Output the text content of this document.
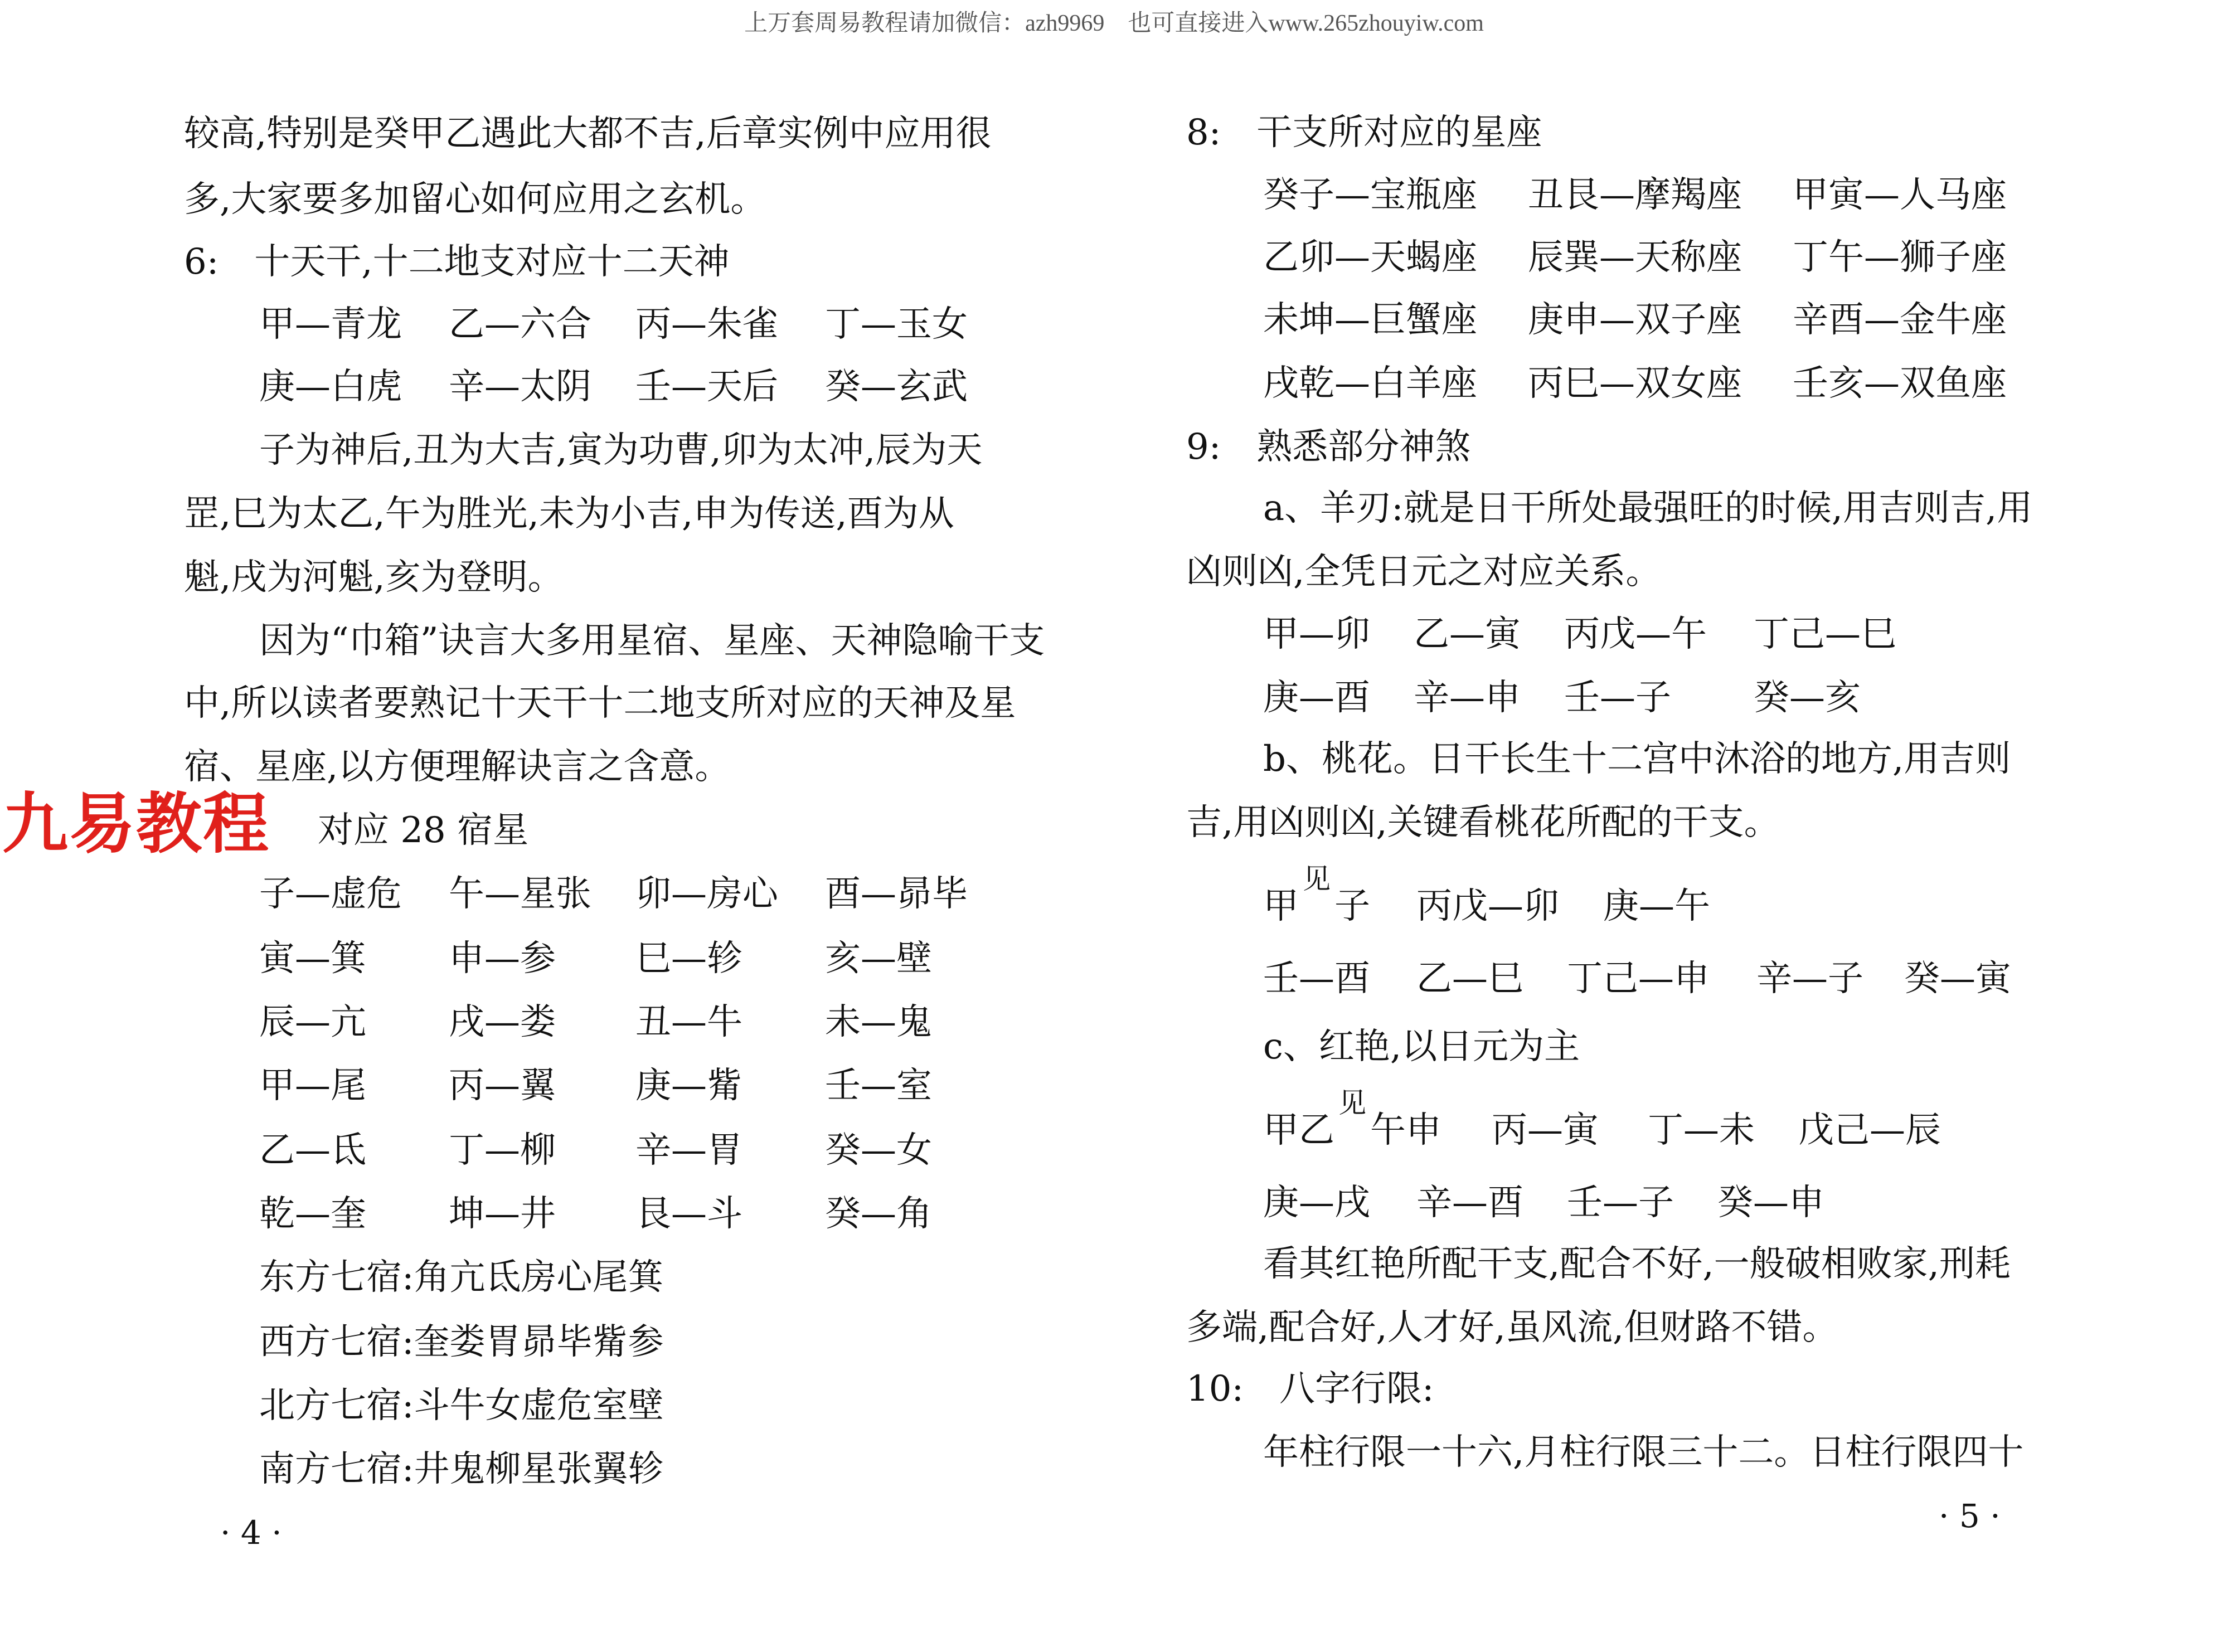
上万套周易教程请加微信：azh9969　也可直接进入www.265zhouyiw.com
九易教程
较高,特别是癸甲乙遇此大都不吉,后章实例中应用很
多,大家要多加留心如何应用之玄机。
6:　十天干,十二地支对应十二天神
甲—青龙 乙—六合 丙—朱雀 丁—玉女
庚—白虎 辛—太阴 壬—天后 癸—玄武
子为神后,丑为大吉,寅为功曹,卯为太冲,辰为天
罡,巳为太乙,午为胜光,未为小吉,申为传送,酉为从
魁,戌为河魁,亥为登明。
因为“巾箱”诀言大多用星宿、星座、天神隐喻干支
中,所以读者要熟记十天干十二地支所对应的天神及星
宿、星座,以方便理解诀言之含意。
对应 28 宿星
子—虚危 午—星张 卯—房心 酉—昴毕
寅—箕 申—参 巳—轸 亥—壁
辰—亢 戌—娄 丑—牛 未—鬼
甲—尾 丙—翼 庚—觜 壬—室
乙—氐 丁—柳 辛—胃 癸—女
乾—奎 坤—井 艮—斗 癸—角
东方七宿:角亢氐房心尾箕
西方七宿:奎娄胃昴毕觜参
北方七宿:斗牛女虚危室壁
南方七宿:井鬼柳星张翼轸
· 4 ·
8:　干支所对应的星座
癸子—宝瓶座 丑艮—摩羯座 甲寅—人马座
乙卯—天蝎座 辰巽—天称座 丁午—狮子座
未坤—巨蟹座 庚申—双子座 辛酉—金牛座
戌乾—白羊座 丙巳—双女座 壬亥—双鱼座
9:　熟悉部分神煞
a、羊刃:就是日干所处最强旺的时候,用吉则吉,用
凶则凶,全凭日元之对应关系。
甲—卯 乙—寅 丙戊—午 丁己—巳
庚—酉 辛—申 壬—子 癸—亥
b、桃花。日干长生十二宫中沐浴的地方,用吉则
吉,用凶则凶,关键看桃花所配的干支。
甲
见
 子 丙戊—卯 庚—午
壬—酉 乙—巳 丁己—申 辛—子 癸—寅
c、红艳,以日元为主
甲乙
见
 午申 丙—寅 丁—未 戊己—辰
庚—戌 辛—酉 壬—子 癸—申
看其红艳所配干支,配合不好,一般破相败家,刑耗
多端,配合好,人才好,虽风流,但财路不错。
10:　八字行限:
年柱行限一十六,月柱行限三十二。日柱行限四十
· 5 ·
